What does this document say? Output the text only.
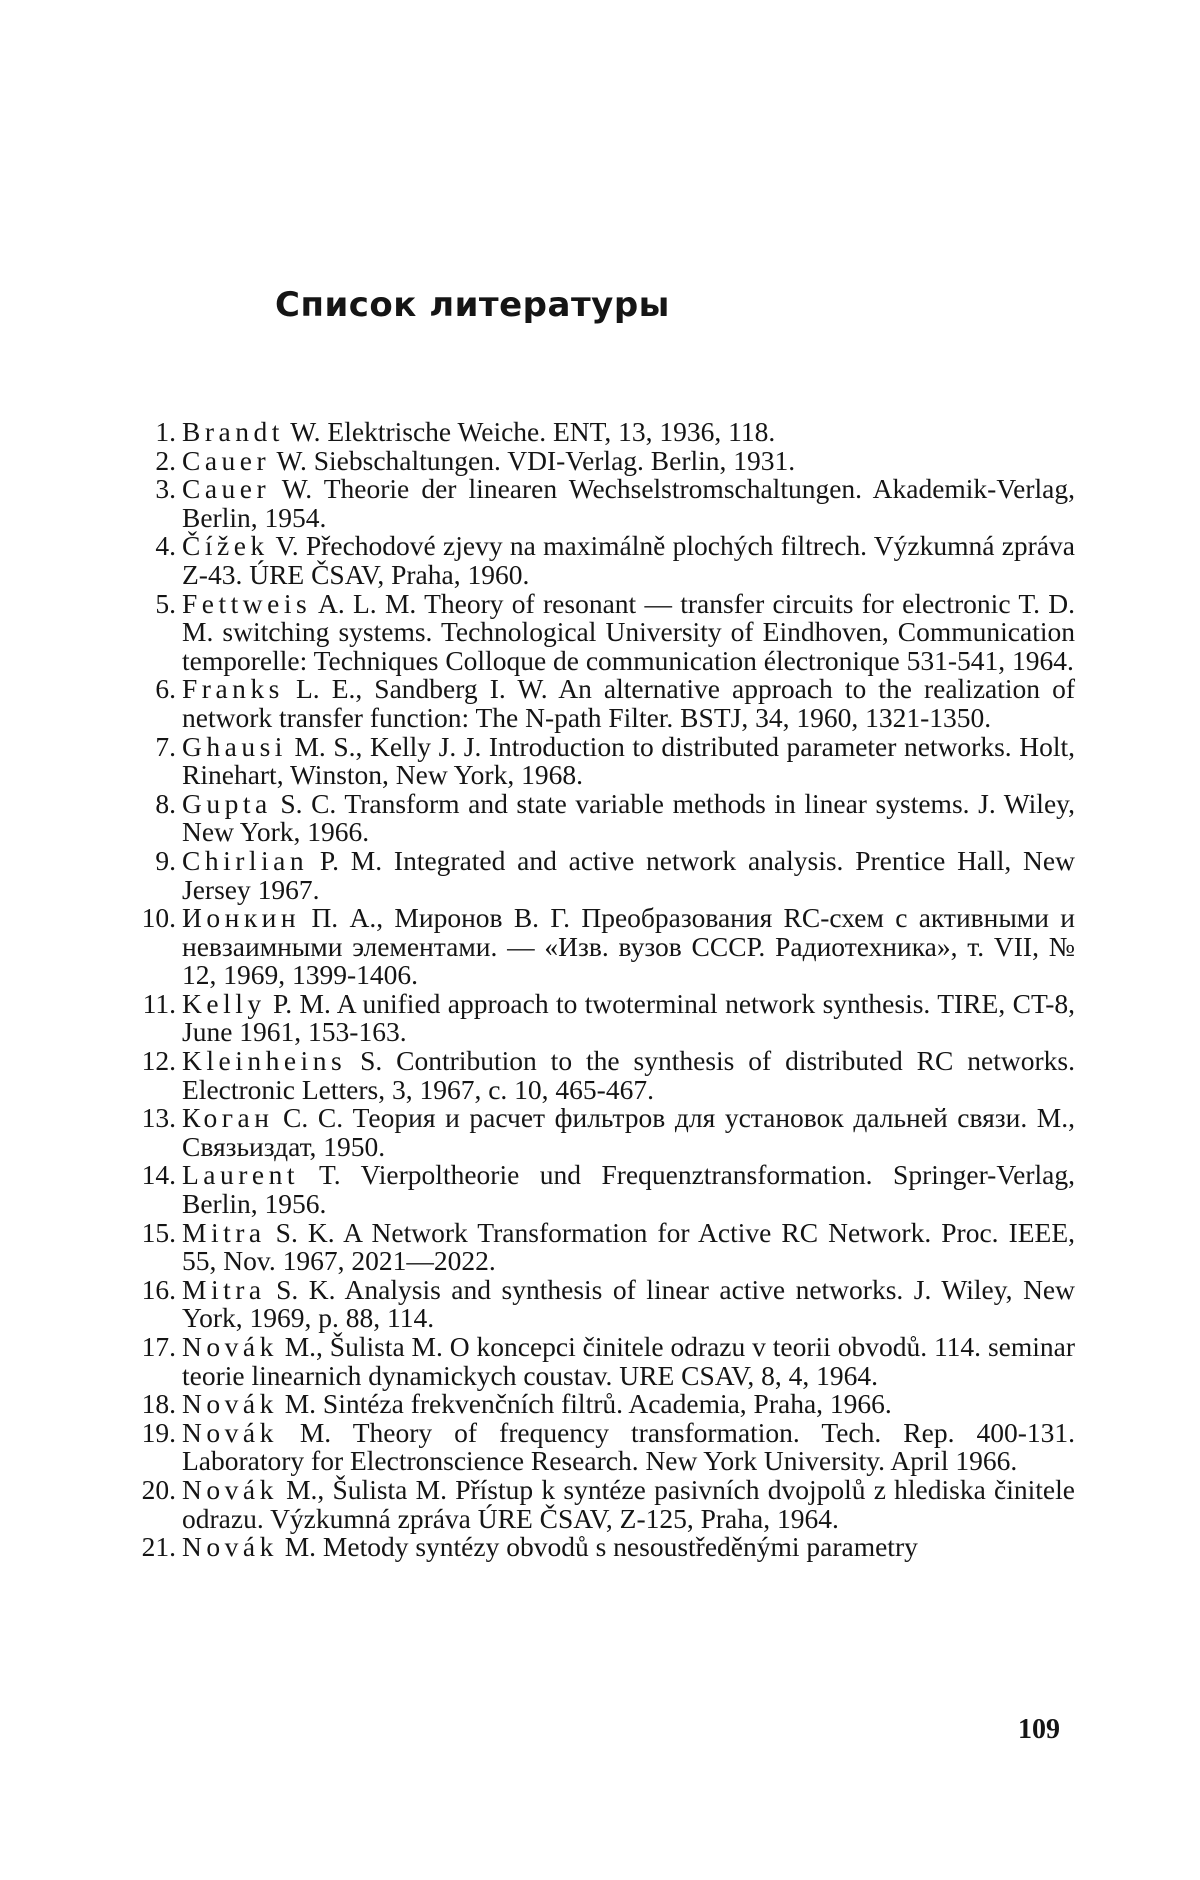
Список литературы
1. Brandt W. Elektrische Weiche. ENT, 13, 1936, 118.
2. Cauer W. Siebschaltungen. VDI-Verlag. Berlin, 1931.
3. Cauer W. Theorie der linearen Wechselstromschaltungen. Akademik-Verlag, Berlin, 1954.
4. Čížek V. Přechodové zjevy na maximálně plochých filtrech. Výzkumná zpráva Z-43. ÚRE ČSAV, Praha, 1960.
5. Fettweis A. L. M. Theory of resonant — transfer circuits for electronic T. D. M. switching systems. Technological University of Eindhoven, Communication temporelle: Techniques Colloque de communication électronique 531-541, 1964.
6. Franks L. E., Sandberg I. W. An alternative approach to the realization of network transfer function: The N-path Filter. BSTJ, 34, 1960, 1321-1350.
7. Ghausi M. S., Kelly J. J. Introduction to distributed parameter networks. Holt, Rinehart, Winston, New York, 1968.
8. Gupta S. C. Transform and state variable methods in linear systems. J. Wiley, New York, 1966.
9. Chirlian P. M. Integrated and active network analysis. Prentice Hall, New Jersey 1967.
10. Ионкин П. А., Миронов В. Г. Преобразования RC-схем с активными и невзаимными элементами. — «Изв. вузов СССР. Радиотехника», т. VII, № 12, 1969, 1399-1406.
11. Kelly P. M. A unified approach to twoterminal network synthesis. TIRE, CT-8, June 1961, 153-163.
12. Kleinheins S. Contribution to the synthesis of distributed RC networks. Electronic Letters, 3, 1967, c. 10, 465-467.
13. Коган С. С. Теория и расчет фильтров для установок дальней связи. М., Связьиздат, 1950.
14. Laurent T. Vierpoltheorie und Frequenztransformation. Springer-Verlag, Berlin, 1956.
15. Mitra S. K. A Network Transformation for Active RC Network. Proc. IEEE, 55, Nov. 1967, 2021—2022.
16. Mitra S. K. Analysis and synthesis of linear active networks. J. Wiley, New York, 1969, p. 88, 114.
17. Novák M., Šulista M. O koncepci činitele odrazu v teorii obvodů. 114. seminar teorie linearnich dynamickych coustav. URE CSAV, 8, 4, 1964.
18. Novák M. Sintéza frekvenčních filtrů. Academia, Praha, 1966.
19. Novák M. Theory of frequency transformation. Tech. Rep. 400-131. Laboratory for Electronscience Research. New York University. April 1966.
20. Novák M., Šulista M. Přístup k syntéze pasivních dvojpolů z hlediska činitele odrazu. Výzkumná zpráva ÚRE ČSAV, Z-125, Praha, 1964.
21. Novák M. Metody syntézy obvodů s nesoustředěnými parametry
109
